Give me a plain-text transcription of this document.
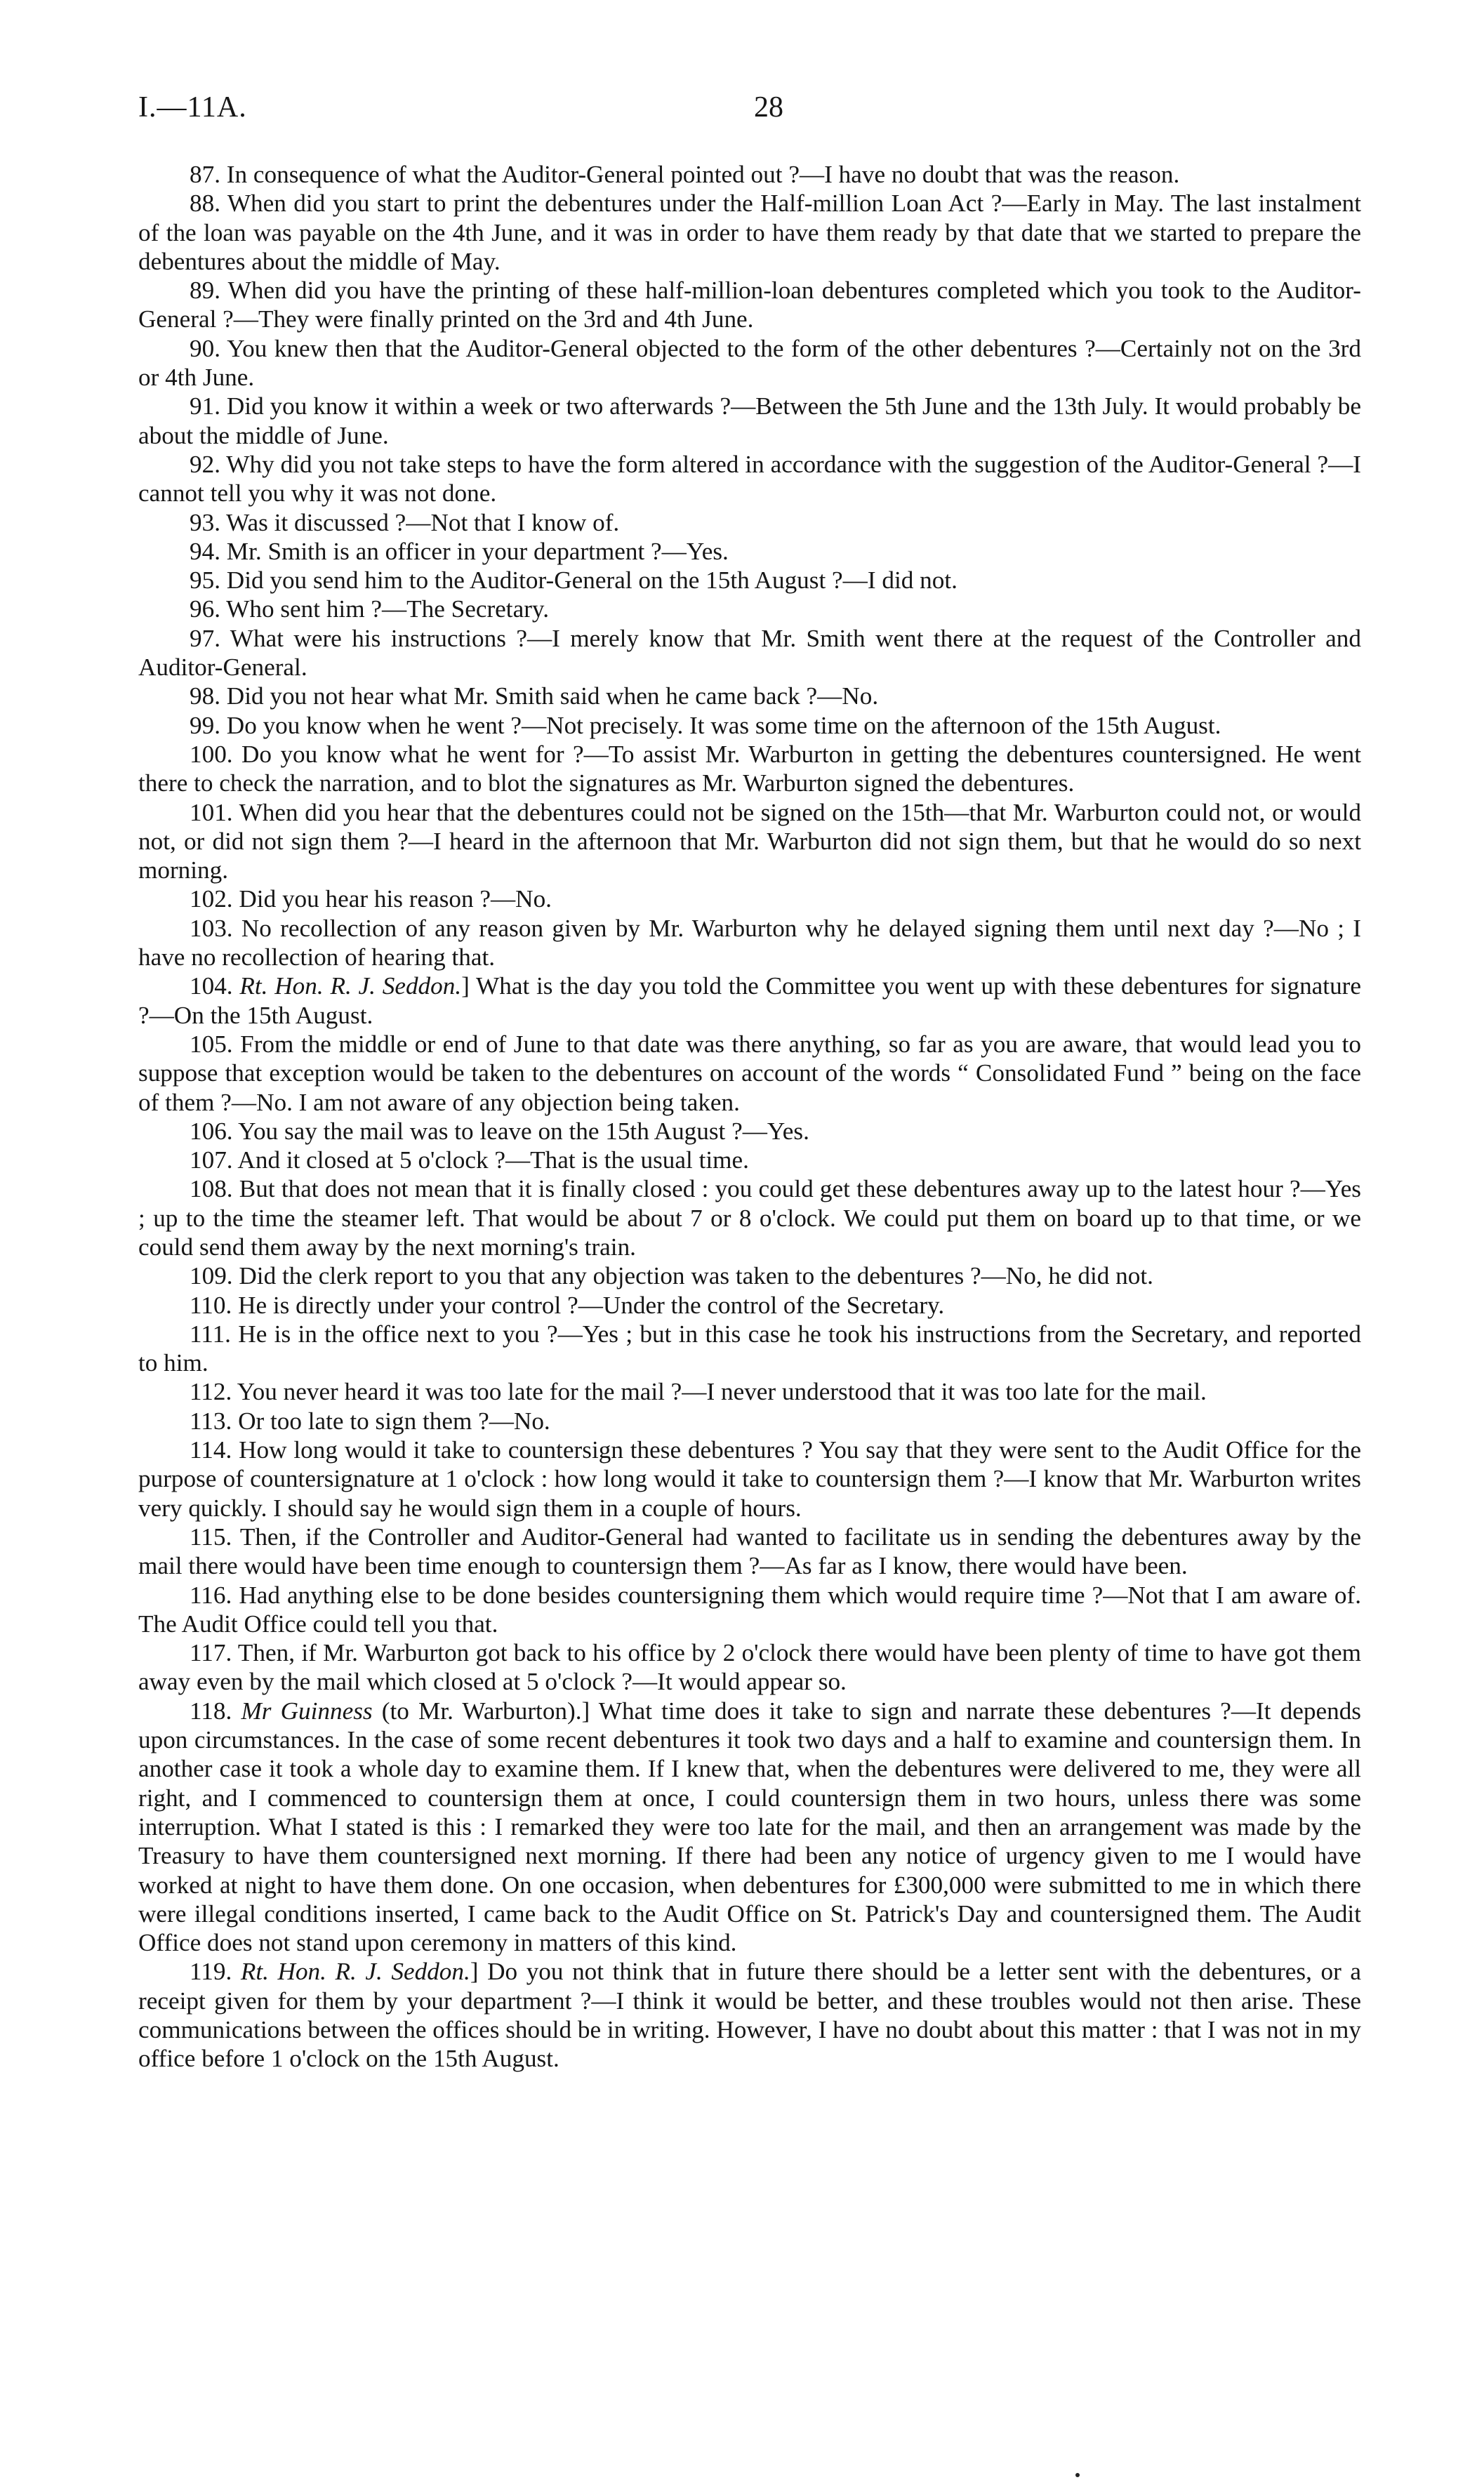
I.—11A.	28

87. In consequence of what the Auditor-General pointed out ?—I have no doubt that was the reason.

88. When did you start to print the debentures under the Half-million Loan Act ?—Early in May. The last instalment of the loan was payable on the 4th June, and it was in order to have them ready by that date that we started to prepare the debentures about the middle of May.

89. When did you have the printing of these half-million-loan debentures completed which you took to the Auditor-General ?—They were finally printed on the 3rd and 4th June.

90. You knew then that the Auditor-General objected to the form of the other debentures ?—Certainly not on the 3rd or 4th June.

91. Did you know it within a week or two afterwards ?—Between the 5th June and the 13th July. It would probably be about the middle of June.

92. Why did you not take steps to have the form altered in accordance with the suggestion of the Auditor-General ?—I cannot tell you why it was not done.

93. Was it discussed ?—Not that I know of.

94. Mr. Smith is an officer in your department ?—Yes.

95. Did you send him to the Auditor-General on the 15th August ?—I did not.

96. Who sent him ?—The Secretary.

97. What were his instructions ?—I merely know that Mr. Smith went there at the request of the Controller and Auditor-General.

98. Did you not hear what Mr. Smith said when he came back ?—No.

99. Do you know when he went ?—Not precisely. It was some time on the afternoon of the 15th August.

100. Do you know what he went for ?—To assist Mr. Warburton in getting the debentures countersigned. He went there to check the narration, and to blot the signatures as Mr. Warburton signed the debentures.

101. When did you hear that the debentures could not be signed on the 15th—that Mr. Warburton could not, or would not, or did not sign them ?—I heard in the afternoon that Mr. Warburton did not sign them, but that he would do so next morning.

102. Did you hear his reason ?—No.

103. No recollection of any reason given by Mr. Warburton why he delayed signing them until next day ?—No ; I have no recollection of hearing that.

104. Rt. Hon. R. J. Seddon.] What is the day you told the Committee you went up with these debentures for signature ?—On the 15th August.

105. From the middle or end of June to that date was there anything, so far as you are aware, that would lead you to suppose that exception would be taken to the debentures on account of the words “ Consolidated Fund ” being on the face of them ?—No. I am not aware of any objection being taken.

106. You say the mail was to leave on the 15th August ?—Yes.

107. And it closed at 5 o'clock ?—That is the usual time.

108. But that does not mean that it is finally closed : you could get these debentures away up to the latest hour ?—Yes ; up to the time the steamer left. That would be about 7 or 8 o'clock. We could put them on board up to that time, or we could send them away by the next morning's train.

109. Did the clerk report to you that any objection was taken to the debentures ?—No, he did not.

110. He is directly under your control ?—Under the control of the Secretary.

111. He is in the office next to you ?—Yes ; but in this case he took his instructions from the Secretary, and reported to him.

112. You never heard it was too late for the mail ?—I never understood that it was too late for the mail.

113. Or too late to sign them ?—No.

114. How long would it take to countersign these debentures ? You say that they were sent to the Audit Office for the purpose of countersignature at 1 o'clock : how long would it take to countersign them ?—I know that Mr. Warburton writes very quickly. I should say he would sign them in a couple of hours.

115. Then, if the Controller and Auditor-General had wanted to facilitate us in sending the debentures away by the mail there would have been time enough to countersign them ?—As far as I know, there would have been.

116. Had anything else to be done besides countersigning them which would require time ?—Not that I am aware of. The Audit Office could tell you that.

117. Then, if Mr. Warburton got back to his office by 2 o'clock there would have been plenty of time to have got them away even by the mail which closed at 5 o'clock ?—It would appear so.

118. Mr Guinness (to Mr. Warburton).] What time does it take to sign and narrate these debentures ?—It depends upon circumstances. In the case of some recent debentures it took two days and a half to examine and countersign them. In another case it took a whole day to examine them. If I knew that, when the debentures were delivered to me, they were all right, and I commenced to countersign them at once, I could countersign them in two hours, unless there was some interruption. What I stated is this : I remarked they were too late for the mail, and then an arrangement was made by the Treasury to have them countersigned next morning. If there had been any notice of urgency given to me I would have worked at night to have them done. On one occasion, when debentures for £300,000 were submitted to me in which there were illegal conditions inserted, I came back to the Audit Office on St. Patrick's Day and countersigned them. The Audit Office does not stand upon ceremony in matters of this kind.

119. Rt. Hon. R. J. Seddon.] Do you not think that in future there should be a letter sent with the debentures, or a receipt given for them by your department ?—I think it would be better, and these troubles would not then arise. These communications between the offices should be in writing. However, I have no doubt about this matter : that I was not in my office before 1 o'clock on the 15th August.
